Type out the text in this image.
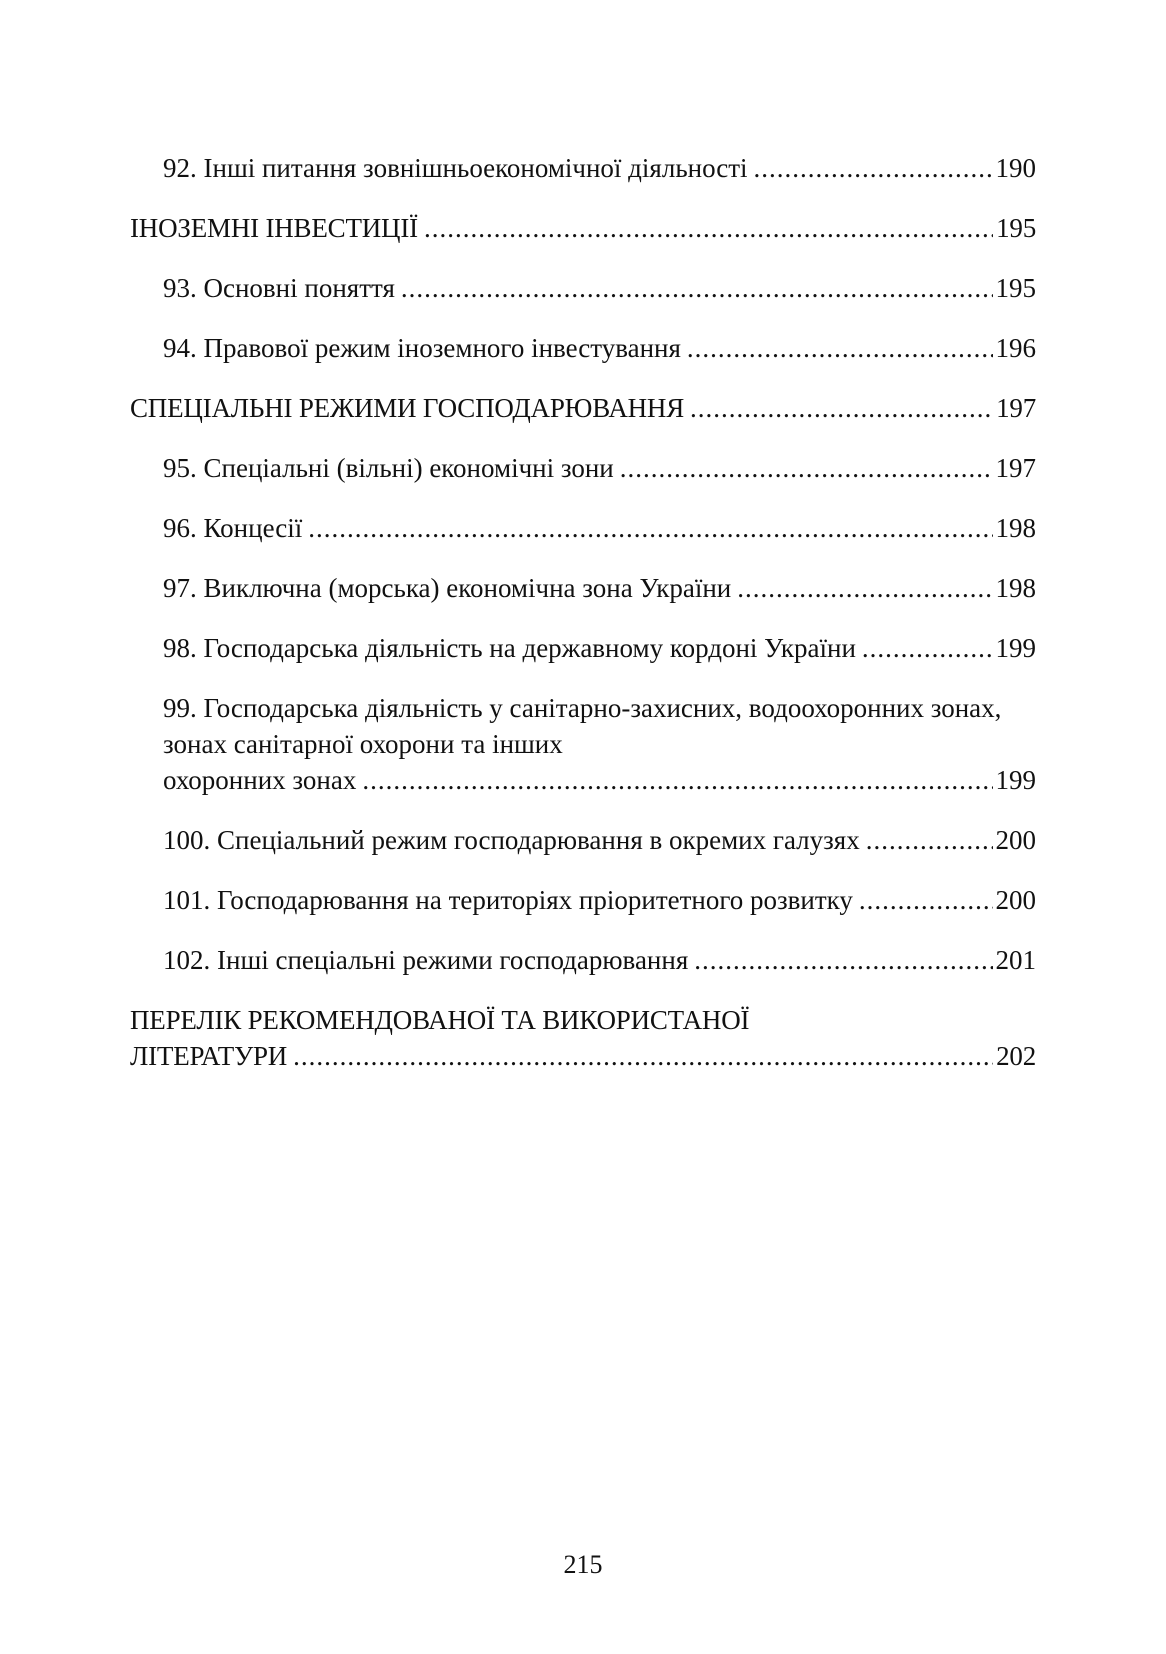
92. Інші питання зовнішньоекономічної діяльності .....	190
ІНОЗЕМНІ ІНВЕСТИЦІЇ .....	195
93. Основні поняття .....	195
94. Правової режим іноземного інвестування .....	196
СПЕЦІАЛЬНІ РЕЖИМИ ГОСПОДАРЮВАННЯ .....	197
95. Спеціальні (вільні) економічні зони .....	197
96. Концесії .....	198
97. Виключна (морська) економічна зона України .....	198
98. Господарська діяльність на державному кордоні України .....	199
99. Господарська діяльність у санітарно-захисних, водоохоронних зонах, зонах санітарної охорони та інших
охоронних зонах .....	199
100. Спеціальний режим господарювання в окремих галузях .....	200
101. Господарювання на територіях пріоритетного розвитку .....	200
102. Інші спеціальні режими господарювання .....	201
ПЕРЕЛІК РЕКОМЕНДОВАНОЇ ТА ВИКОРИСТАНОЇ
ЛІТЕРАТУРИ .....	202
215
